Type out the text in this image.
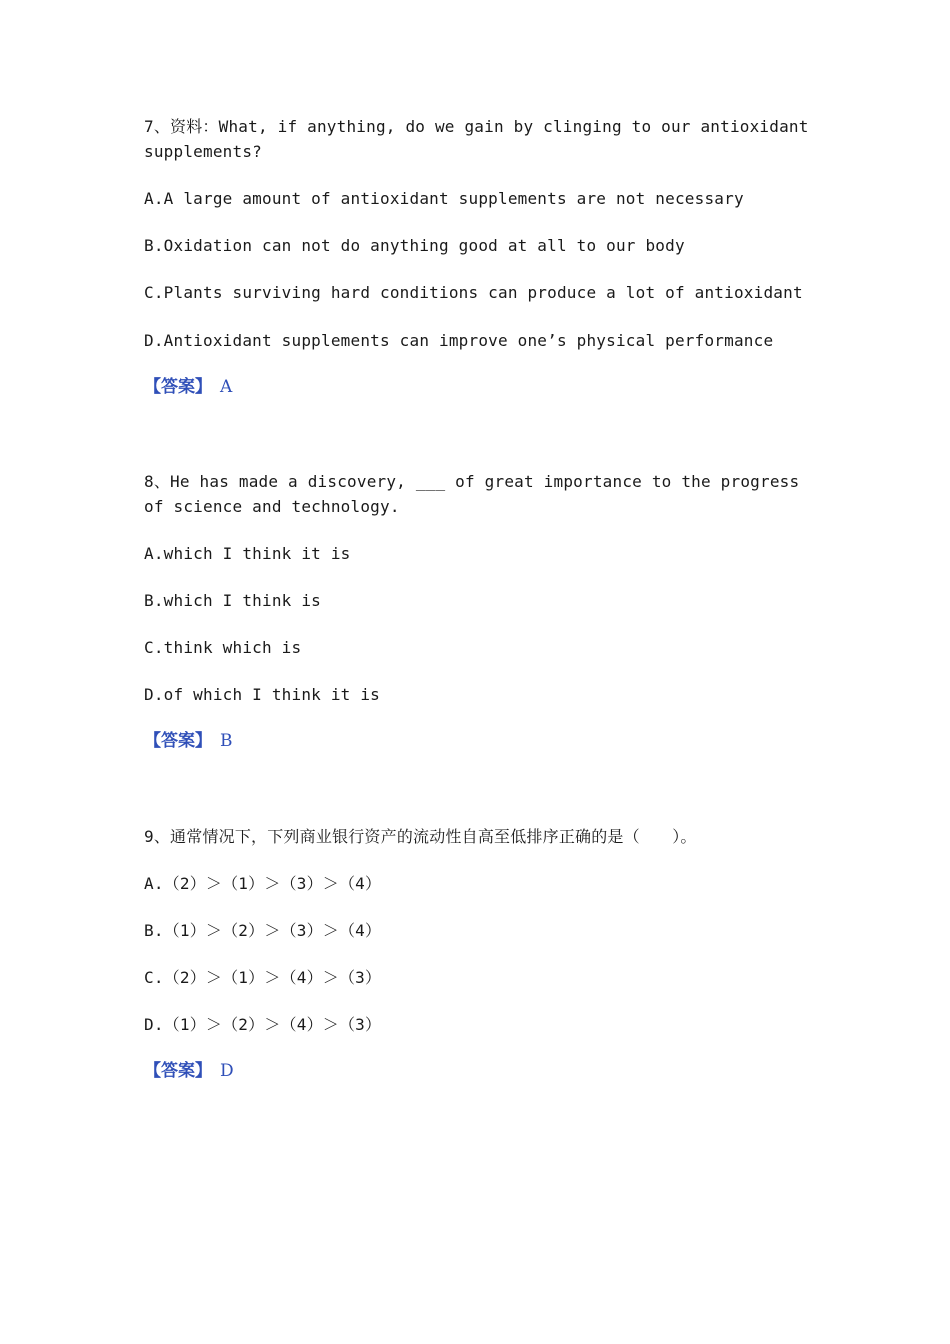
7、资料：What, if anything, do we gain by clinging to our antioxidant supplements?

A.A large amount of antioxidant supplements are not necessary

B.Oxidation can not do anything good at all to our body

C.Plants surviving hard conditions can produce a lot of antioxidant

D.Antioxidant supplements can improve one’s physical performance

【答案】 A

8、He has made a discovery, ___ of great importance to the progress of science and technology.

A.which I think it is

B.which I think is

C.think which is

D.of which I think it is

【答案】 B

9、通常情况下，下列商业银行资产的流动性自高至低排序正确的是（　　）。

A.（2）＞（1）＞（3）＞（4）

B.（1）＞（2）＞（3）＞（4）

C.（2）＞（1）＞（4）＞（3）

D.（1）＞（2）＞（4）＞（3）

【答案】 D
